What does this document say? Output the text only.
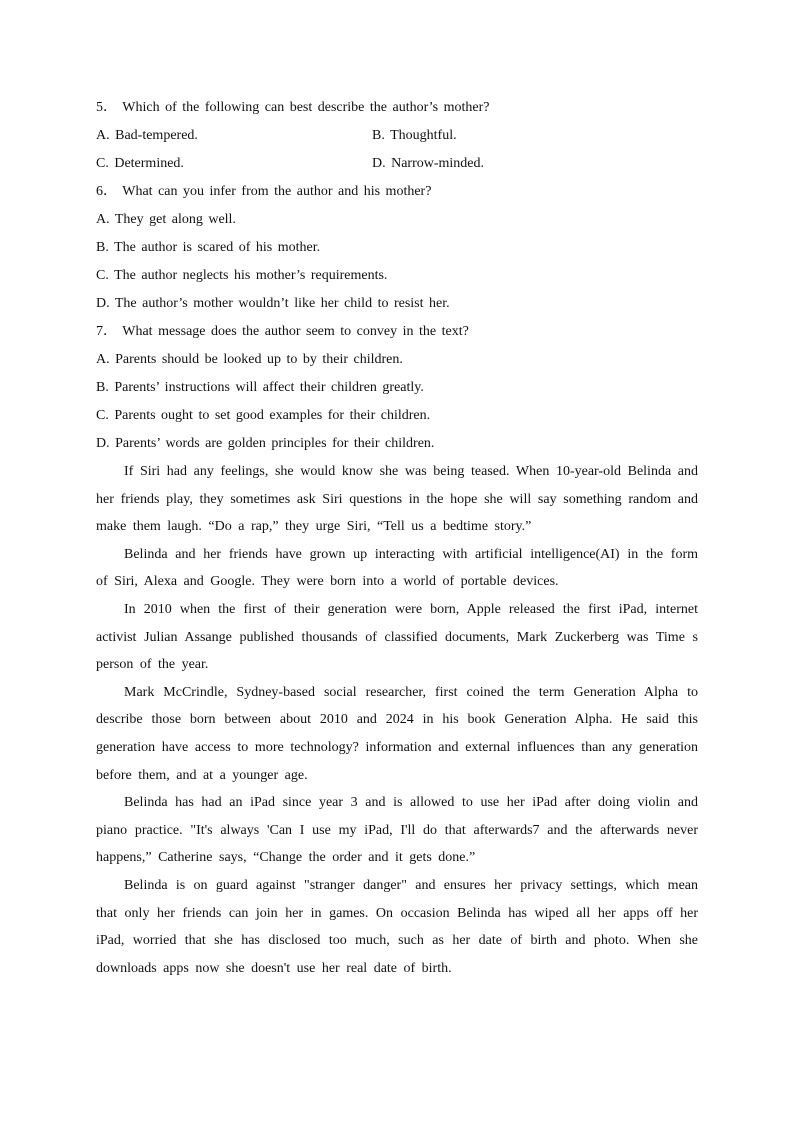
5． Which of the following can best describe the author’s mother?
A. Bad-tempered.	B. Thoughtful.
C. Determined.	D. Narrow-minded.
6． What can you infer from the author and his mother?
A. They get along well.
B. The author is scared of his mother.
C. The author neglects his mother’s requirements.
D. The author’s mother wouldn’t like her child to resist her.
7． What message does the author seem to convey in the text?
A. Parents should be looked up to by their children.
B. Parents’ instructions will affect their children greatly.
C. Parents ought to set good examples for their children.
D. Parents’ words are golden principles for their children.

If Siri had any feelings, she would know she was being teased. When 10-year-old Belinda and her friends play, they sometimes ask Siri questions in the hope she will say something random and make them laugh. “Do a rap,” they urge Siri, “Tell us a bedtime story.”

Belinda and her friends have grown up interacting with artificial intelligence(AI) in the form of Siri, Alexa and Google. They were born into a world of portable devices.

In 2010 when the first of their generation were born, Apple released the first iPad, internet activist Julian Assange published thousands of classified documents, Mark Zuckerberg was Time s person of the year.

Mark McCrindle, Sydney-based social researcher, first coined the term Generation Alpha to describe those born between about 2010 and 2024 in his book Generation Alpha. He said this generation have access to more technology? information and external influences than any generation before them, and at a younger age.

Belinda has had an iPad since year 3 and is allowed to use her iPad after doing violin and piano practice. "It's always 'Can I use my iPad, I'll do that afterwards7 and the afterwards never happens,” Catherine says, “Change the order and it gets done.”

Belinda is on guard against "stranger danger" and ensures her privacy settings, which mean that only her friends can join her in games. On occasion Belinda has wiped all her apps off her iPad, worried that she has disclosed too much, such as her date of birth and photo. When she downloads apps now she doesn't use her real date of birth.
